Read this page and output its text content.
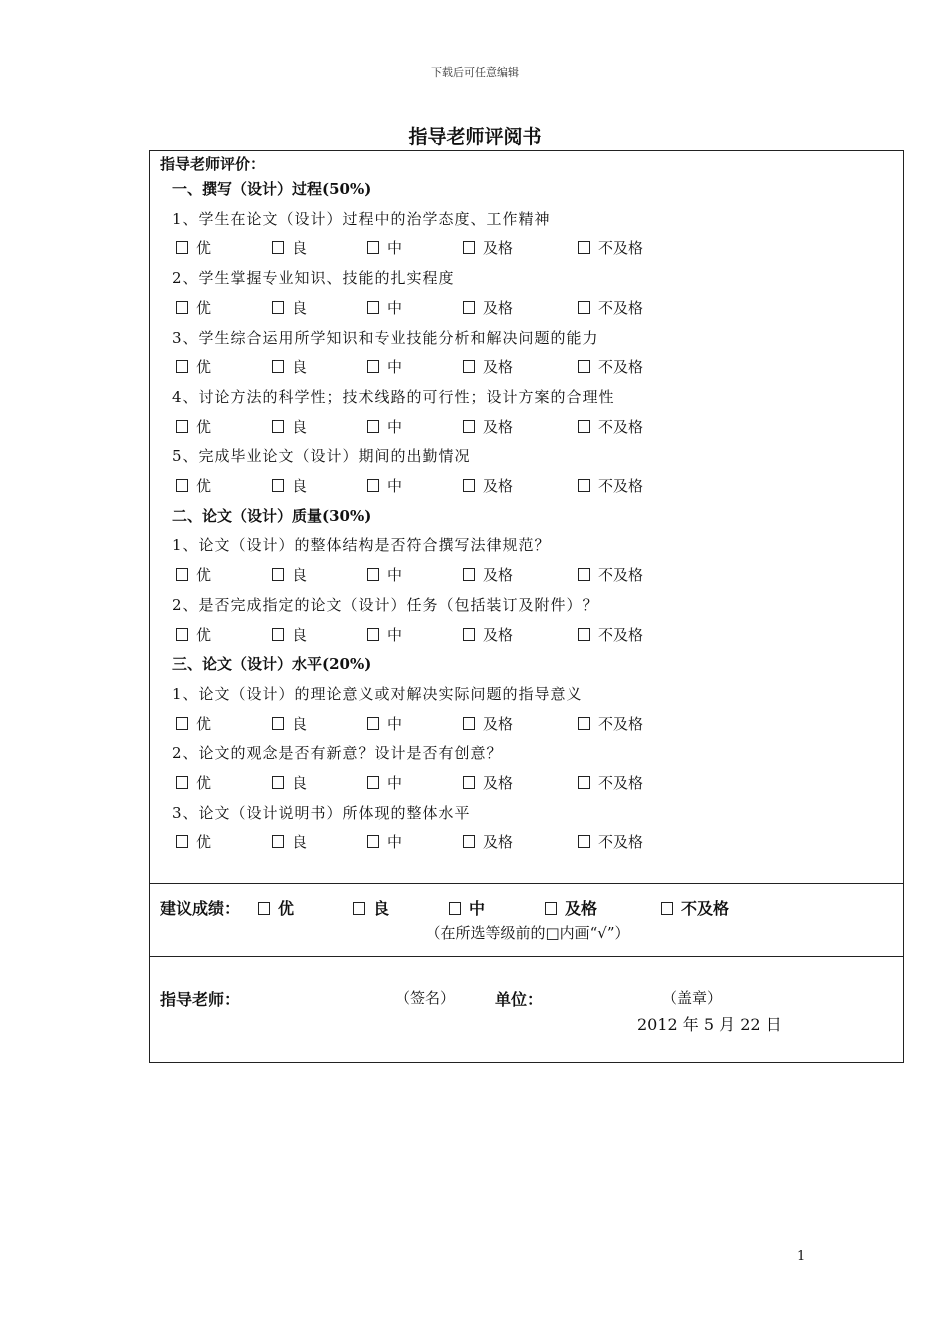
下载后可任意编辑
指导老师评阅书
指导老师评价：
一、撰写（设计）过程(50%)
1、学生在论文（设计）过程中的治学态度、工作精神
优	良	中	及格	不及格
2、学生掌握专业知识、技能的扎实程度
优	良	中	及格	不及格
3、学生综合运用所学知识和专业技能分析和解决问题的能力
优	良	中	及格	不及格
4、讨论方法的科学性；技术线路的可行性；设计方案的合理性
优	良	中	及格	不及格
5、完成毕业论文（设计）期间的出勤情况
优	良	中	及格	不及格
二、论文（设计）质量(30%)
1、论文（设计）的整体结构是否符合撰写法律规范？
优	良	中	及格	不及格
2、是否完成指定的论文（设计）任务（包括装订及附件）？
优	良	中	及格	不及格
三、论文（设计）水平(20%)
1、论文（设计）的理论意义或对解决实际问题的指导意义
优	良	中	及格	不及格
2、论文的观念是否有新意？设计是否有创意？
优	良	中	及格	不及格
3、论文（设计说明书）所体现的整体水平
优	良	中	及格	不及格
建议成绩：	优	良	中	及格	不及格
（在所选等级前的□内画“√”）
指导老师：	（签名） 单位：	（盖章）
2012 年 5 月 22 日
1
